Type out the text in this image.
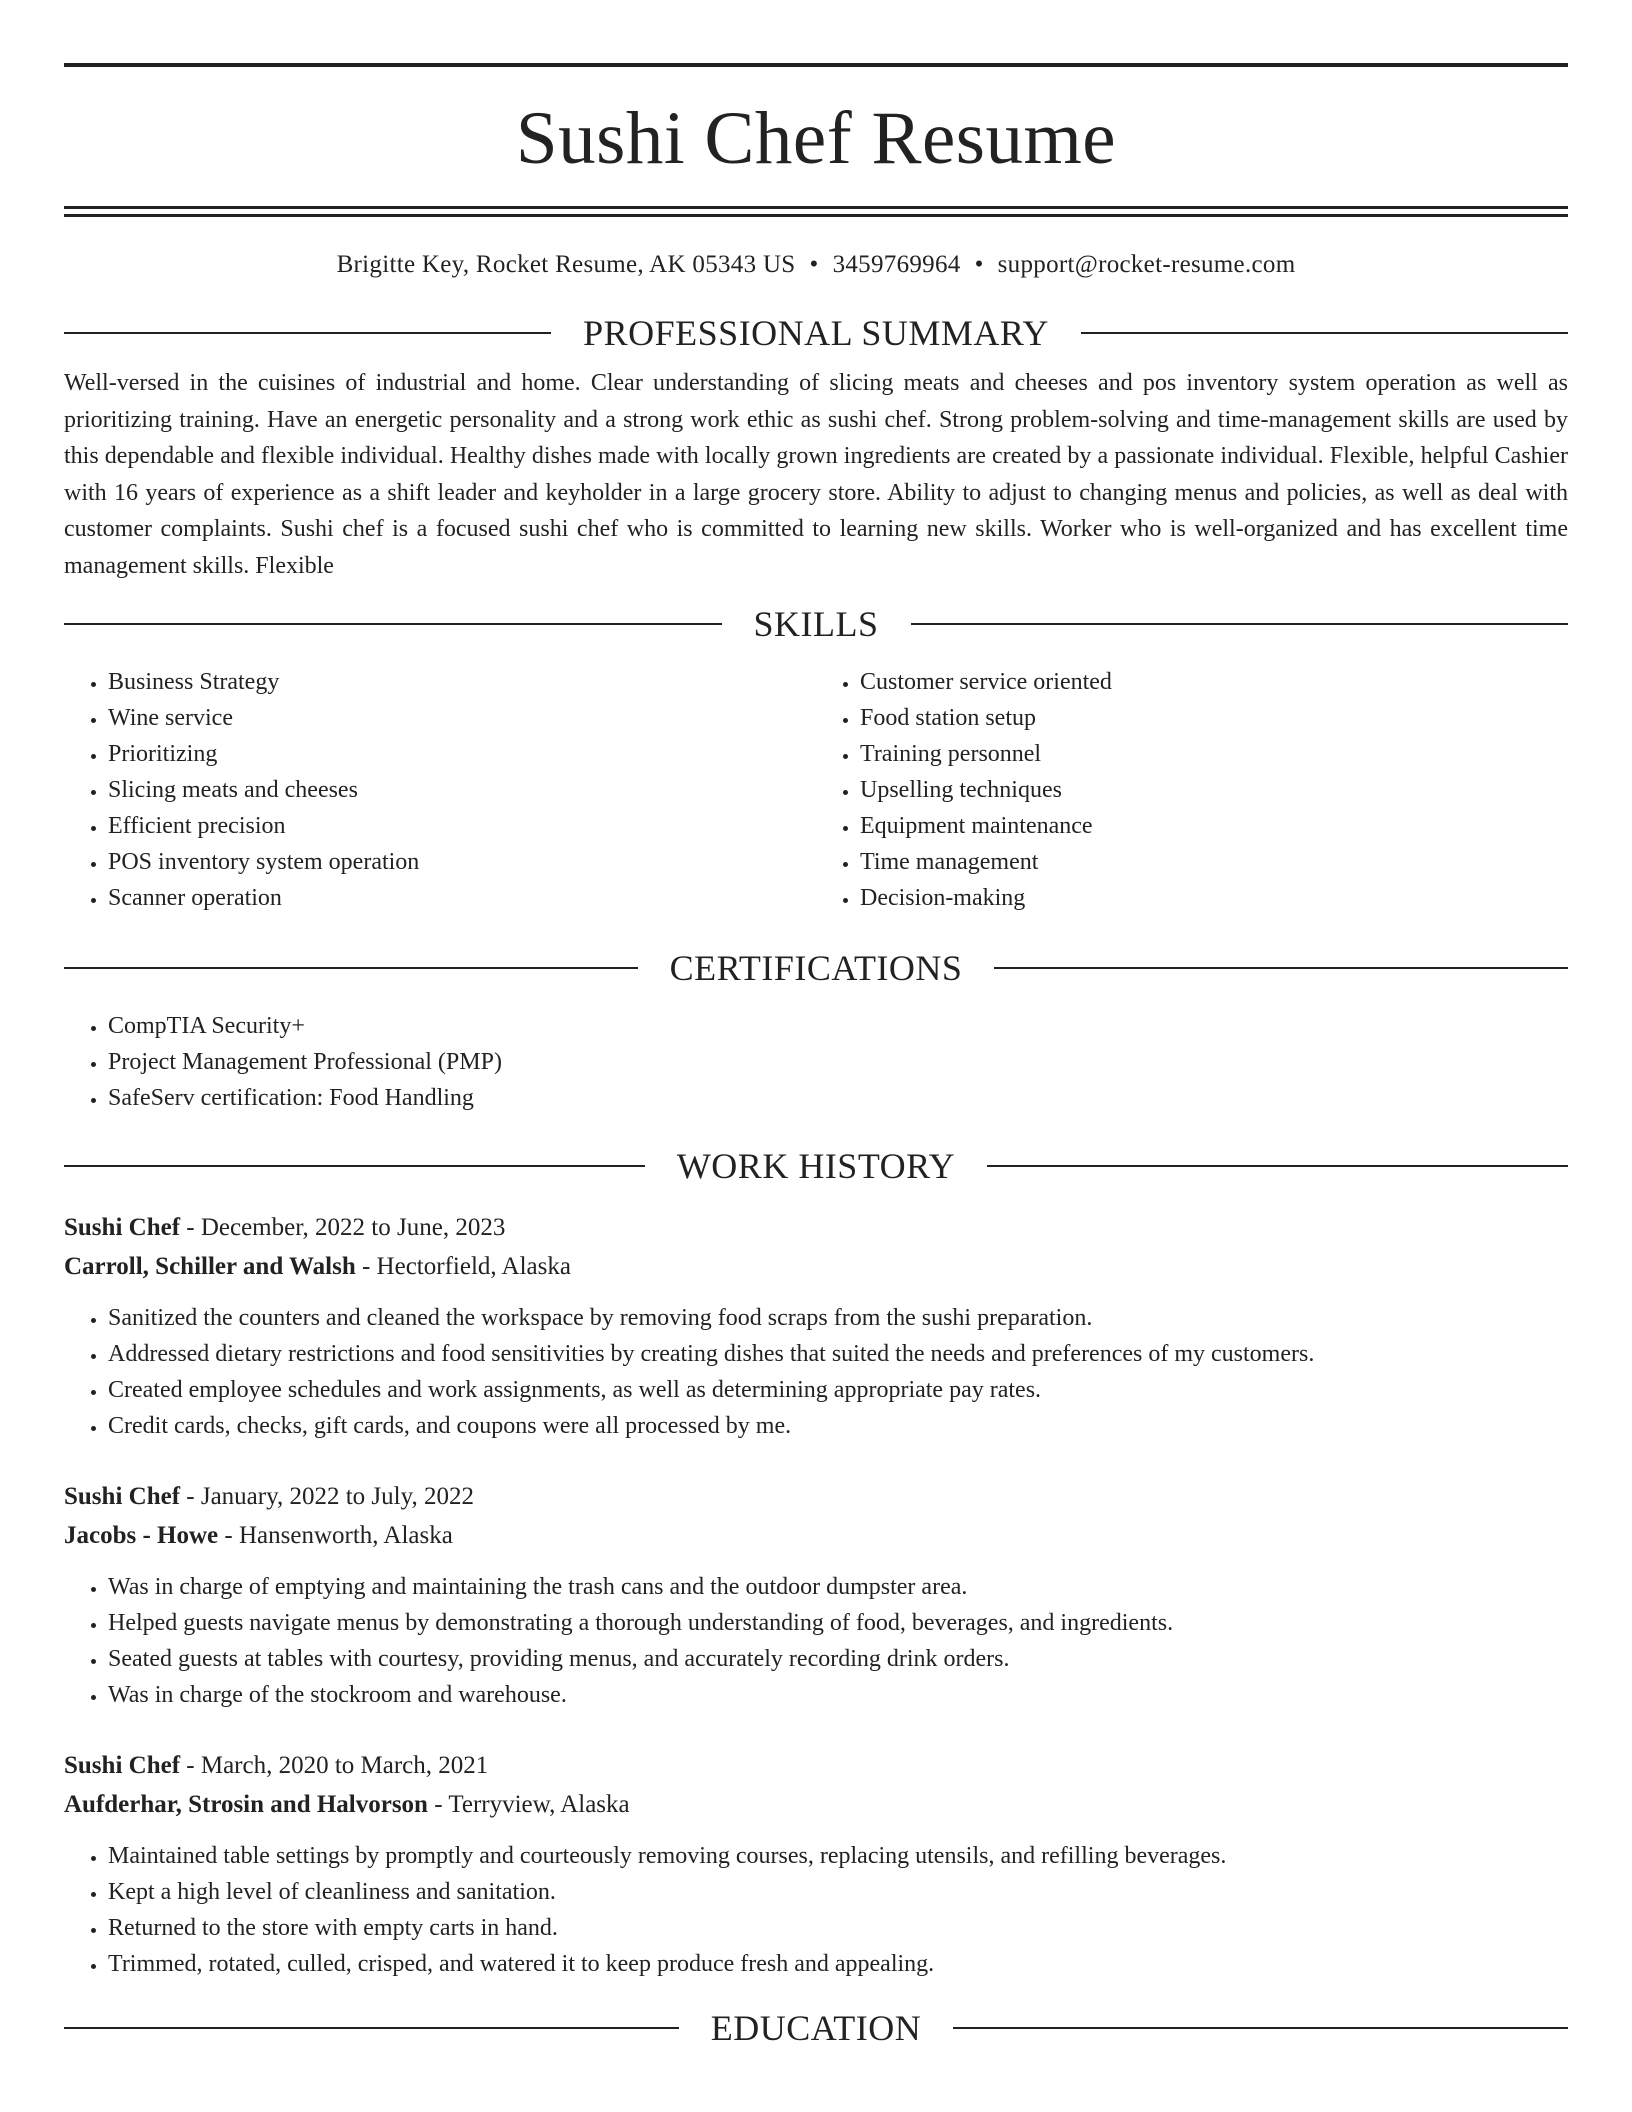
Sushi Chef Resume
Brigitte Key, Rocket Resume, AK 05343 US • 3459769964 • support@rocket-resume.com
PROFESSIONAL SUMMARY
Well-versed in the cuisines of industrial and home. Clear understanding of slicing meats and cheeses and pos inventory system operation as well as prioritizing training. Have an energetic personality and a strong work ethic as sushi chef. Strong problem-solving and time-management skills are used by this dependable and flexible individual. Healthy dishes made with locally grown ingredients are created by a passionate individual. Flexible, helpful Cashier with 16 years of experience as a shift leader and keyholder in a large grocery store. Ability to adjust to changing menus and policies, as well as deal with customer complaints. Sushi chef is a focused sushi chef who is committed to learning new skills. Worker who is well-organized and has excellent time management skills. Flexible
SKILLS
• Business Strategy
• Wine service
• Prioritizing
• Slicing meats and cheeses
• Efficient precision
• POS inventory system operation
• Scanner operation
• Customer service oriented
• Food station setup
• Training personnel
• Upselling techniques
• Equipment maintenance
• Time management
• Decision-making
CERTIFICATIONS
• CompTIA Security+
• Project Management Professional (PMP)
• SafeServ certification: Food Handling
WORK HISTORY
Sushi Chef - December, 2022 to June, 2023
Carroll, Schiller and Walsh - Hectorfield, Alaska
• Sanitized the counters and cleaned the workspace by removing food scraps from the sushi preparation.
• Addressed dietary restrictions and food sensitivities by creating dishes that suited the needs and preferences of my customers.
• Created employee schedules and work assignments, as well as determining appropriate pay rates.
• Credit cards, checks, gift cards, and coupons were all processed by me.
Sushi Chef - January, 2022 to July, 2022
Jacobs - Howe - Hansenworth, Alaska
• Was in charge of emptying and maintaining the trash cans and the outdoor dumpster area.
• Helped guests navigate menus by demonstrating a thorough understanding of food, beverages, and ingredients.
• Seated guests at tables with courtesy, providing menus, and accurately recording drink orders.
• Was in charge of the stockroom and warehouse.
Sushi Chef - March, 2020 to March, 2021
Aufderhar, Strosin and Halvorson - Terryview, Alaska
• Maintained table settings by promptly and courteously removing courses, replacing utensils, and refilling beverages.
• Kept a high level of cleanliness and sanitation.
• Returned to the store with empty carts in hand.
• Trimmed, rotated, culled, crisped, and watered it to keep produce fresh and appealing.
EDUCATION
